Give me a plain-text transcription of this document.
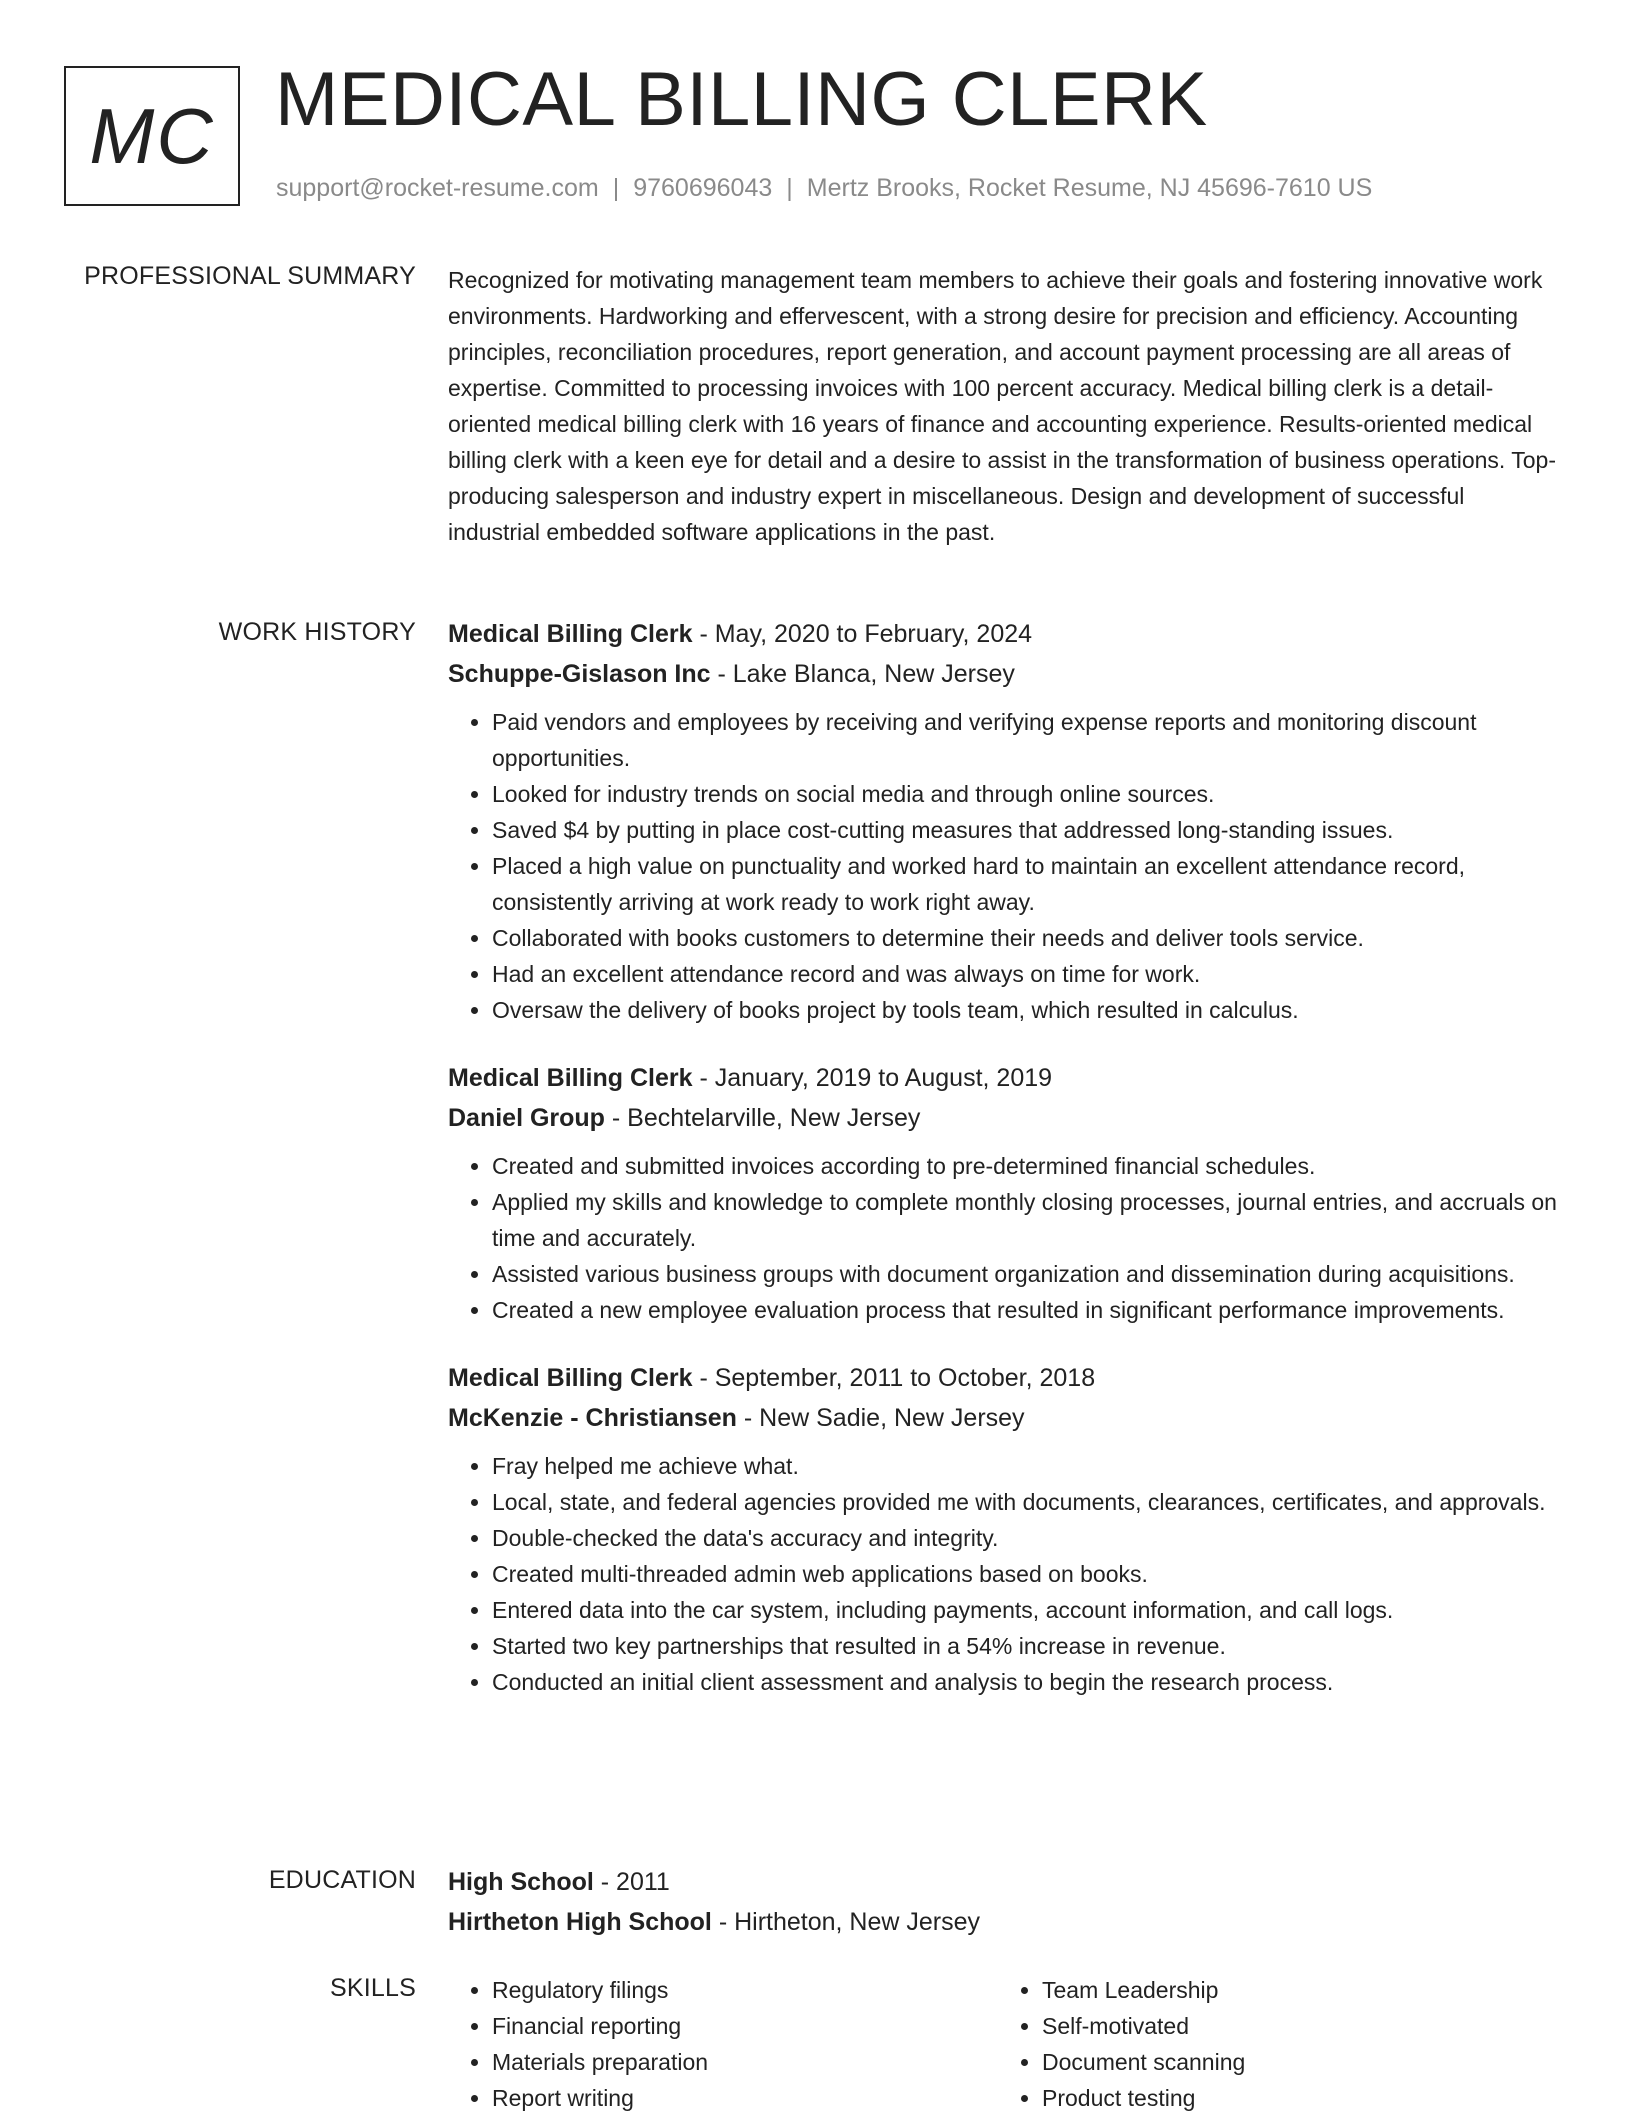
MC MEDICAL BILLING CLERK
support@rocket-resume.com | 9760696043 | Mertz Brooks, Rocket Resume, NJ 45696-7610 US
PROFESSIONAL SUMMARY Recognized for motivating management team members to achieve their goals and fostering innovative work environments. Hardworking and effervescent, with a strong desire for precision and efficiency. Accounting principles, reconciliation procedures, report generation, and account payment processing are all areas of expertise. Committed to processing invoices with 100 percent accuracy. Medical billing clerk is a detail-oriented medical billing clerk with 16 years of finance and accounting experience. Results-oriented medical billing clerk with a keen eye for detail and a desire to assist in the transformation of business operations. Top-producing salesperson and industry expert in miscellaneous. Design and development of successful industrial embedded software applications in the past.

WORK HISTORY Medical Billing Clerk - May, 2020 to February, 2024
Schuppe-Gislason Inc - Lake Blanca, New Jersey
• Paid vendors and employees by receiving and verifying expense reports and monitoring discount opportunities.
• Looked for industry trends on social media and through online sources.
• Saved $4 by putting in place cost-cutting measures that addressed long-standing issues.
• Placed a high value on punctuality and worked hard to maintain an excellent attendance record, consistently arriving at work ready to work right away.
• Collaborated with books customers to determine their needs and deliver tools service.
• Had an excellent attendance record and was always on time for work.
• Oversaw the delivery of books project by tools team, which resulted in calculus.
Medical Billing Clerk - January, 2019 to August, 2019
Daniel Group - Bechtelarville, New Jersey
• Created and submitted invoices according to pre-determined financial schedules.
• Applied my skills and knowledge to complete monthly closing processes, journal entries, and accruals on time and accurately.
• Assisted various business groups with document organization and dissemination during acquisitions.
• Created a new employee evaluation process that resulted in significant performance improvements.
Medical Billing Clerk - September, 2011 to October, 2018
McKenzie - Christiansen - New Sadie, New Jersey
• Fray helped me achieve what.
• Local, state, and federal agencies provided me with documents, clearances, certificates, and approvals.
• Double-checked the data's accuracy and integrity.
• Created multi-threaded admin web applications based on books.
• Entered data into the car system, including payments, account information, and call logs.
• Started two key partnerships that resulted in a 54% increase in revenue.
• Conducted an initial client assessment and analysis to begin the research process.
EDUCATION High School - 2011
Hirtheton High School - Hirtheton, New Jersey
SKILLS
•	Regulatory filings
• Financial reporting
• Materials preparation
• Report writing
• Team Leadership
• Self-motivated
• Document scanning
• Product testing
